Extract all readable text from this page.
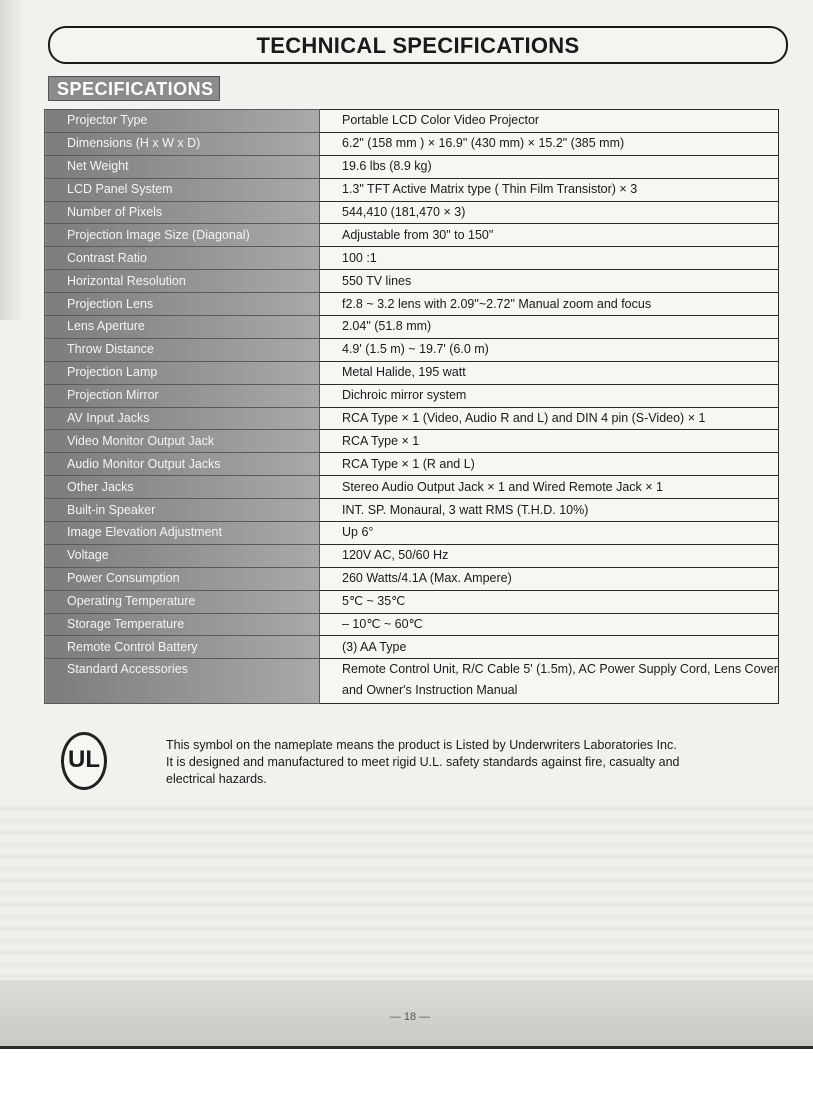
TECHNICAL SPECIFICATIONS
SPECIFICATIONS
Projector Type	Portable LCD Color Video Projector
Dimensions (H x W x D)	6.2" (158 mm ) × 16.9" (430 mm) × 15.2" (385 mm)
Net Weight	19.6 lbs (8.9 kg)
LCD Panel System	1.3" TFT Active Matrix type ( Thin Film Transistor) × 3
Number of Pixels	544,410 (181,470 × 3)
Projection Image Size (Diagonal)	Adjustable from 30" to 150"
Contrast Ratio	100 :1
Horizontal Resolution	550 TV lines
Projection Lens	f2.8 ~ 3.2 lens with 2.09"~2.72" Manual zoom and focus
Lens Aperture	2.04" (51.8 mm)
Throw Distance	4.9' (1.5 m) ~ 19.7' (6.0 m)
Projection Lamp	Metal Halide, 195 watt
Projection Mirror	Dichroic mirror system
AV Input Jacks	RCA Type × 1 (Video, Audio R and L) and DIN 4 pin (S-Video) × 1
Video Monitor Output Jack	RCA Type × 1
Audio Monitor Output Jacks	RCA Type × 1 (R and L)
Other Jacks	Stereo Audio Output Jack × 1 and Wired Remote Jack × 1
Built-in Speaker	INT. SP. Monaural, 3 watt RMS (T.H.D. 10%)
Image Elevation Adjustment	Up 6°
Voltage	120V AC, 50/60 Hz
Power Consumption	260 Watts/4.1A (Max. Ampere)
Operating Temperature	5℃ ~ 35℃
Storage Temperature	– 10℃ ~ 60℃
Remote Control Battery	(3) AA Type
Standard Accessories	Remote Control Unit, R/C Cable 5' (1.5m), AC Power Supply Cord, Lens Cover and Owner's Instruction Manual
UL
This symbol on the nameplate means the product is Listed by Underwriters Laboratories Inc.
It is designed and manufactured to meet rigid U.L. safety standards against fire, casualty and
electrical hazards.
— 18 —
